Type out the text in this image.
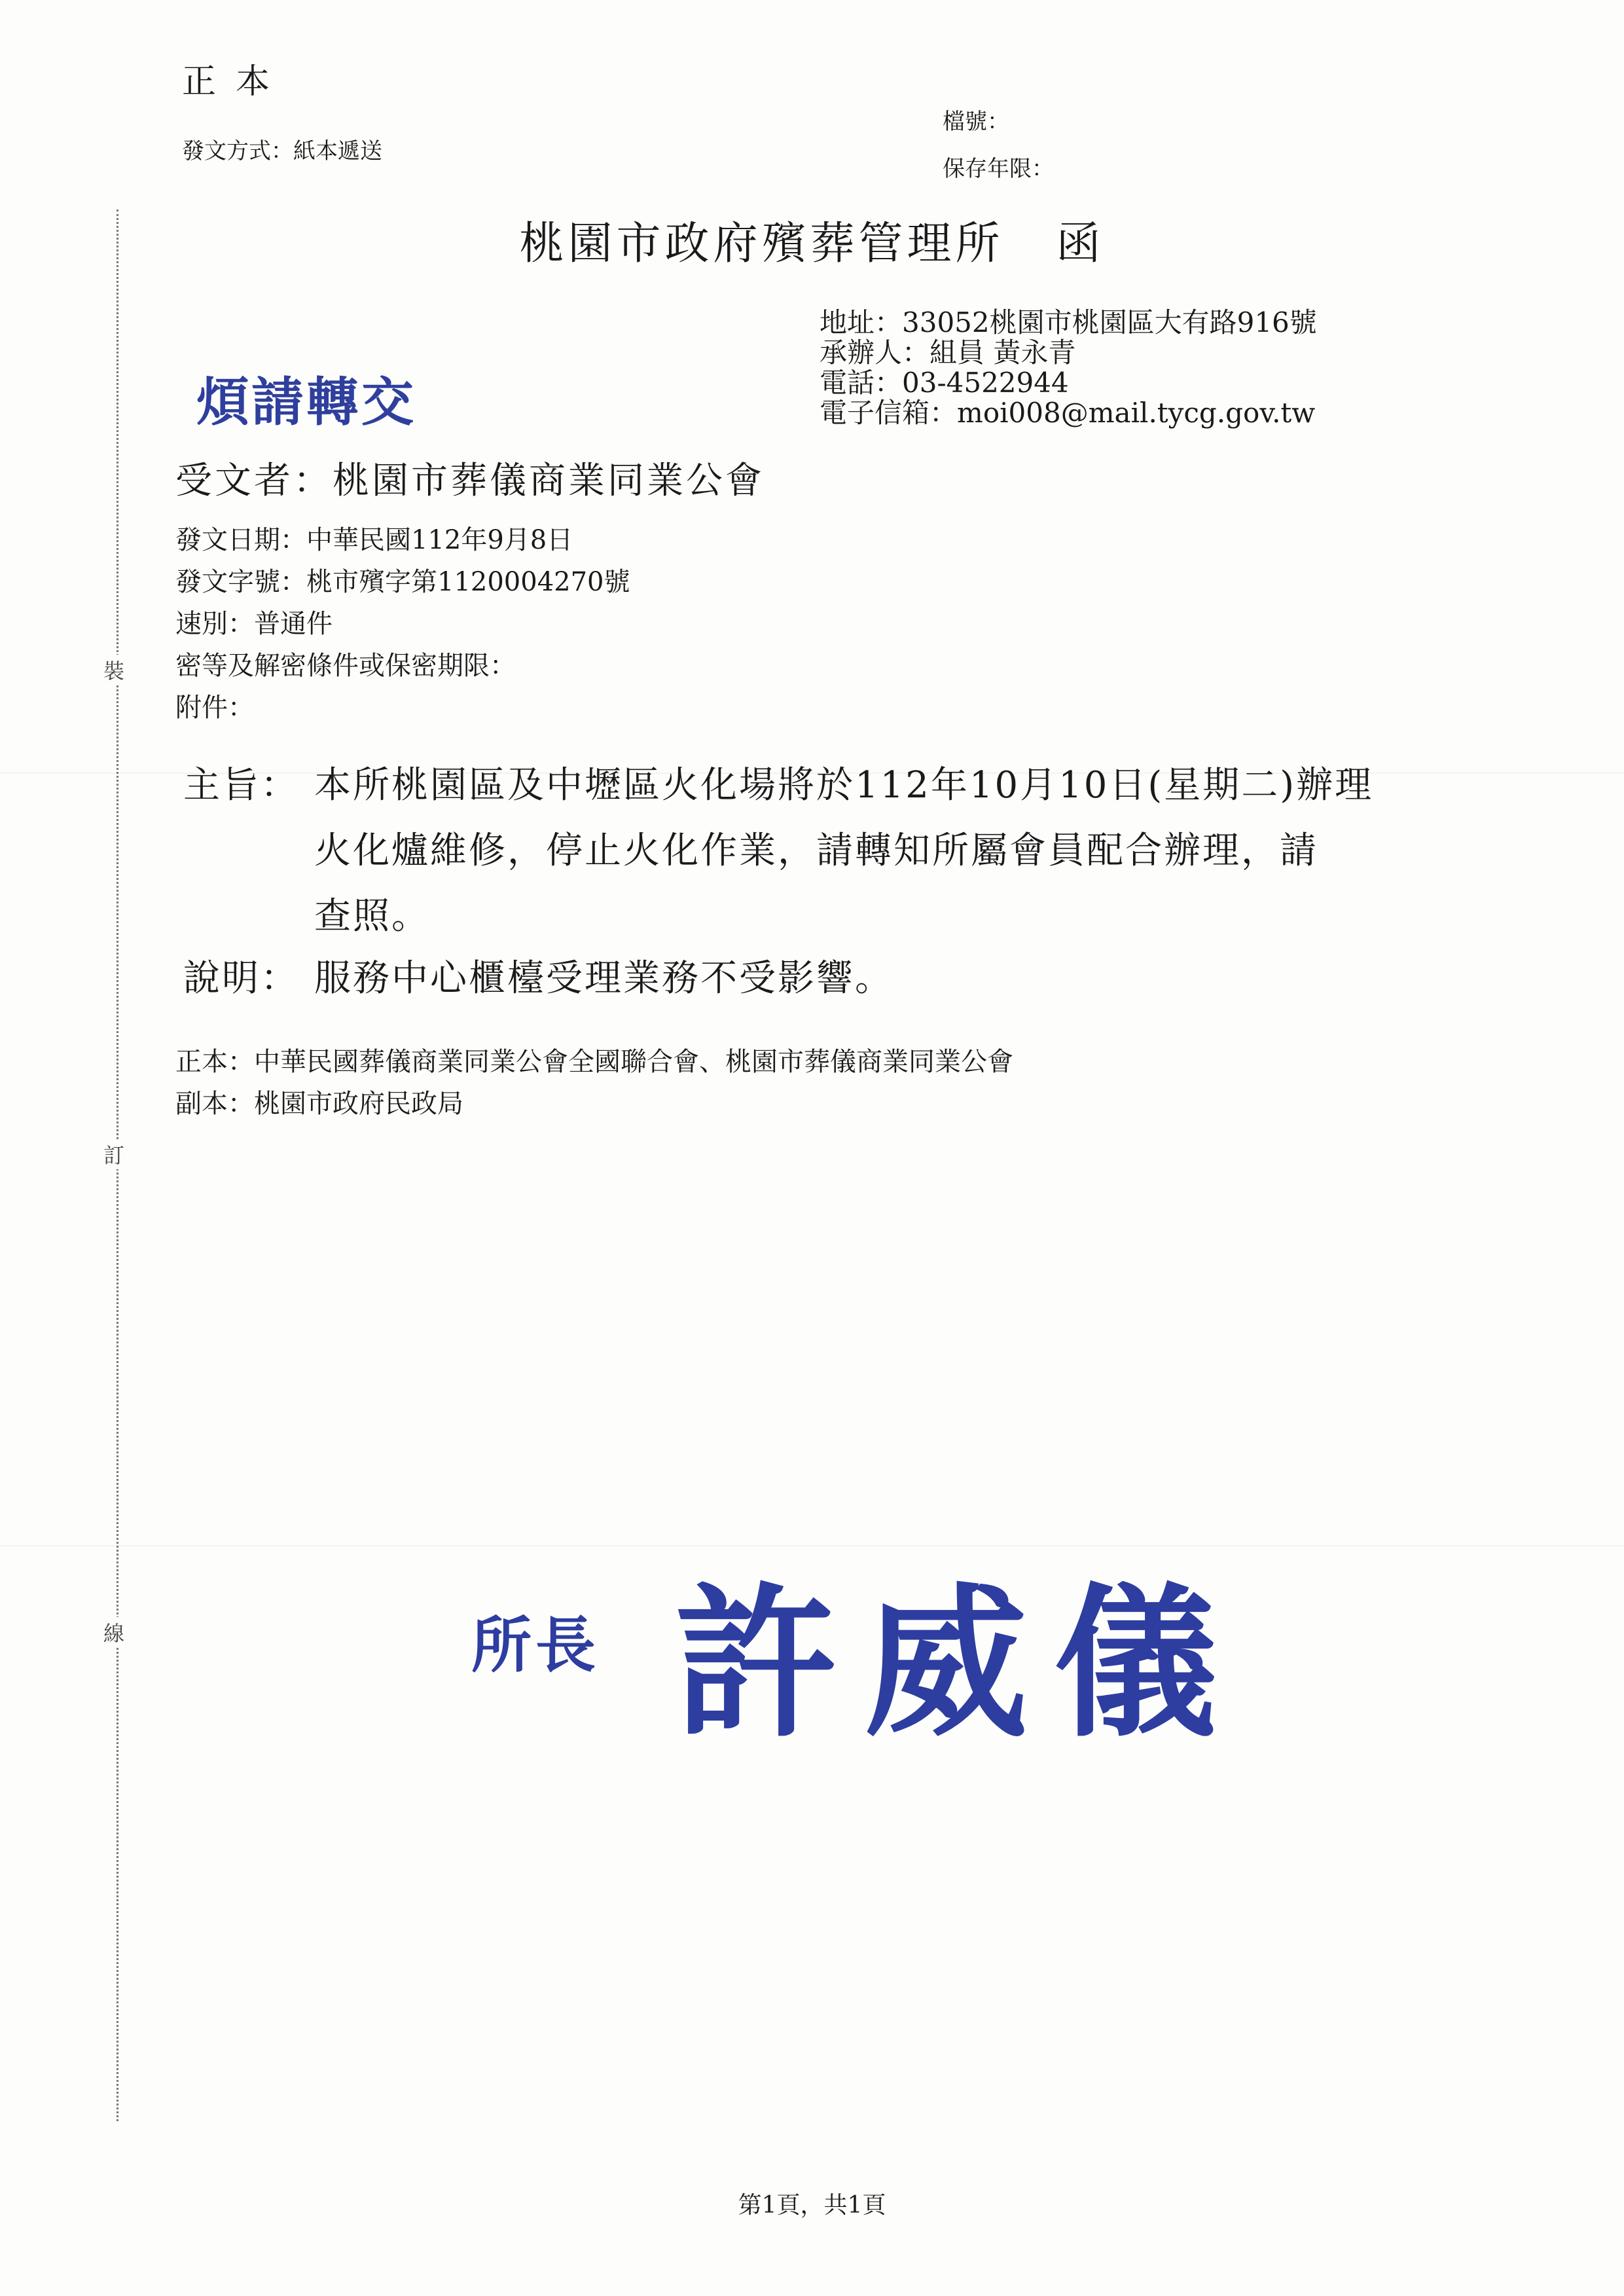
正本
發文方式：紙本遞送
檔號：
保存年限：
桃園市政府殯葬管理所 函
地址：33052桃園市桃園區大有路916號
承辦人：組員 黃永青
電話：03-4522944
電子信箱：moi008@mail.tycg.gov.tw
煩請轉交
受文者：桃園市葬儀商業同業公會
發文日期：中華民國112年9月8日
發文字號：桃市殯字第1120004270號
速別：普通件
密等及解密條件或保密期限：
附件：
主旨： 本所桃園區及中壢區火化場將於112年10月10日(星期二)辦理
火化爐維修，停止火化作業，請轉知所屬會員配合辦理，請
查照。
說明： 服務中心櫃檯受理業務不受影響。
正本：中華民國葬儀商業同業公會全國聯合會、桃園市葬儀商業同業公會
副本：桃園市政府民政局
裝
訂
線	所長 許威儀
第1頁，共1頁
